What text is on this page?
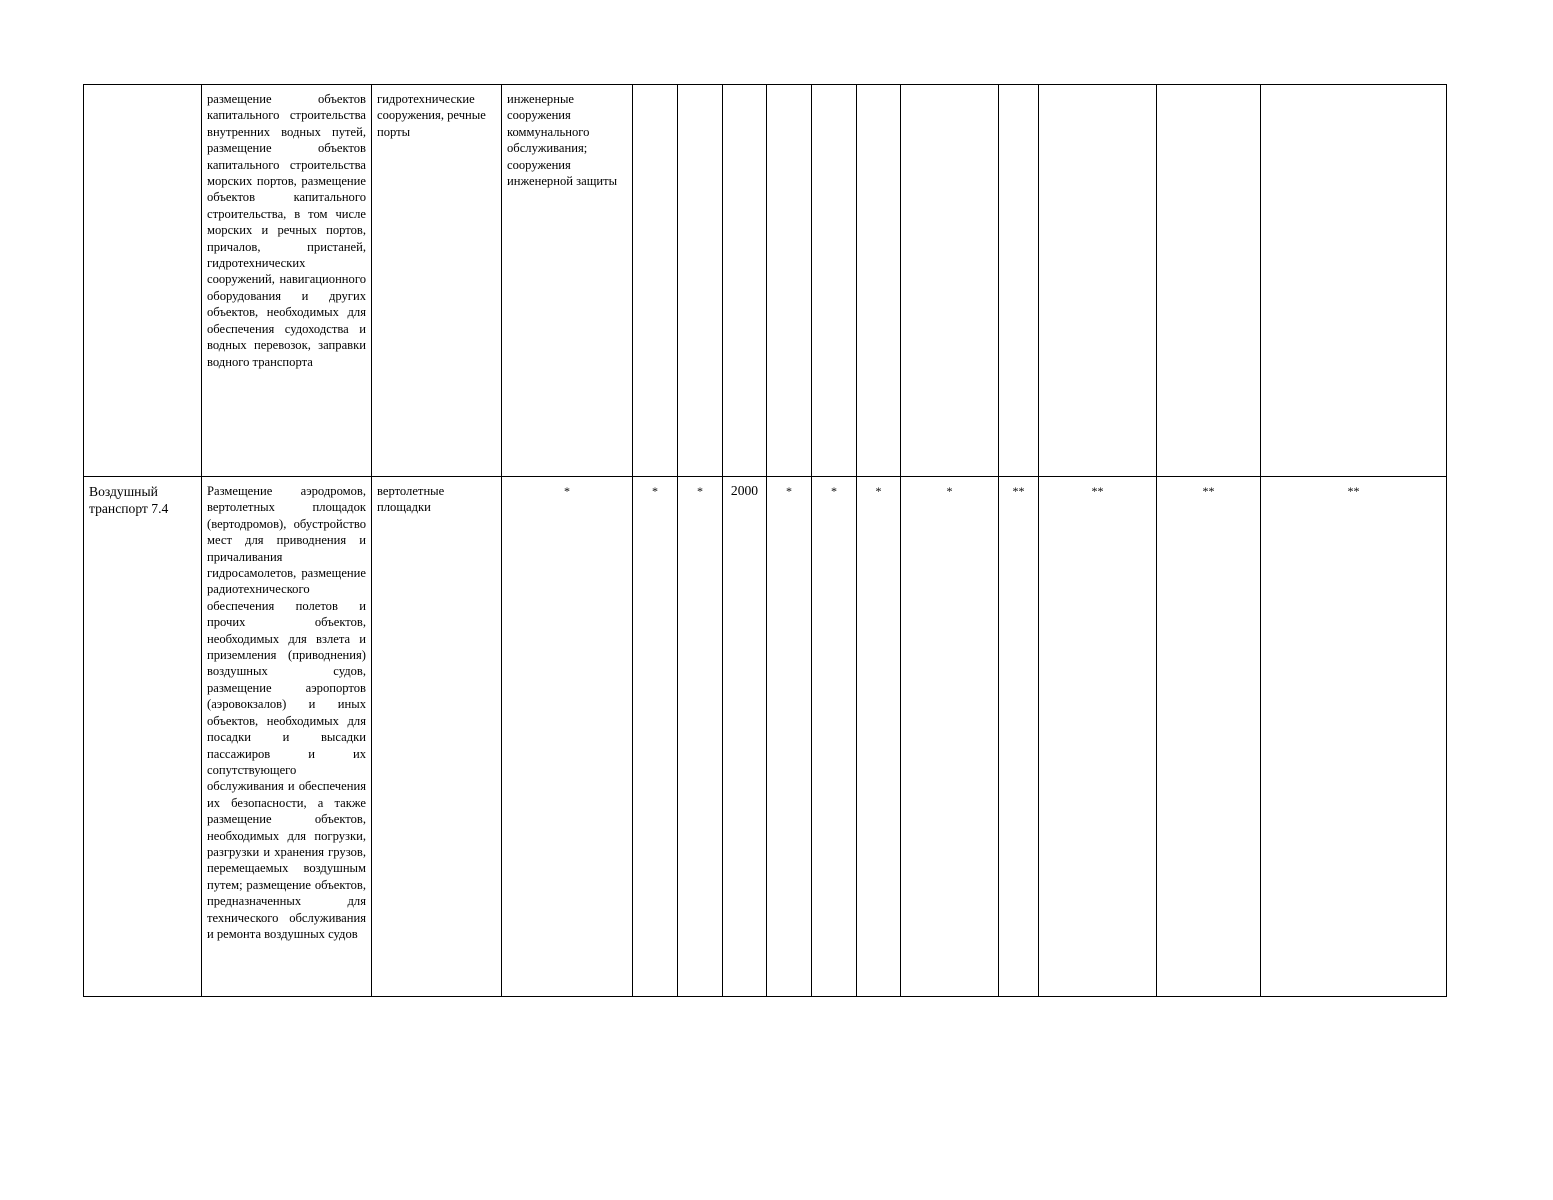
	размещение объектов капитального строительства внутренних водных путей, размещение объектов капитального строительства морских портов, размещение объектов капитального строительства, в том числе морских и речных портов, причалов, пристаней, гидротехнических сооружений, навигационного оборудования и других объектов, необходимых для обеспечения судоходства и водных перевозок, заправки водного транспорта	гидротехнические сооружения, речные порты	инженерные сооружения коммунального обслуживания; сооружения инженерной защиты											
Воздушный транспорт 7.4	Размещение аэродромов, вертолетных площадок (вертодромов), обустройство мест для приводнения и причаливания гидросамолетов, размещение радиотехнического обеспечения полетов и прочих объектов, необходимых для взлета и приземления (приводнения) воздушных судов, размещение аэропортов (аэровокзалов) и иных объектов, необходимых для посадки и высадки пассажиров и их сопутствующего обслуживания и обеспечения их безопасности, а также размещение объектов, необходимых для погрузки, разгрузки и хранения грузов, перемещаемых воздушным путем; размещение объектов, предназначенных для технического обслуживания и ремонта воздушных судов	вертолетные площадки	*	*	*	2000	*	*	*	*	**	**	**	**
